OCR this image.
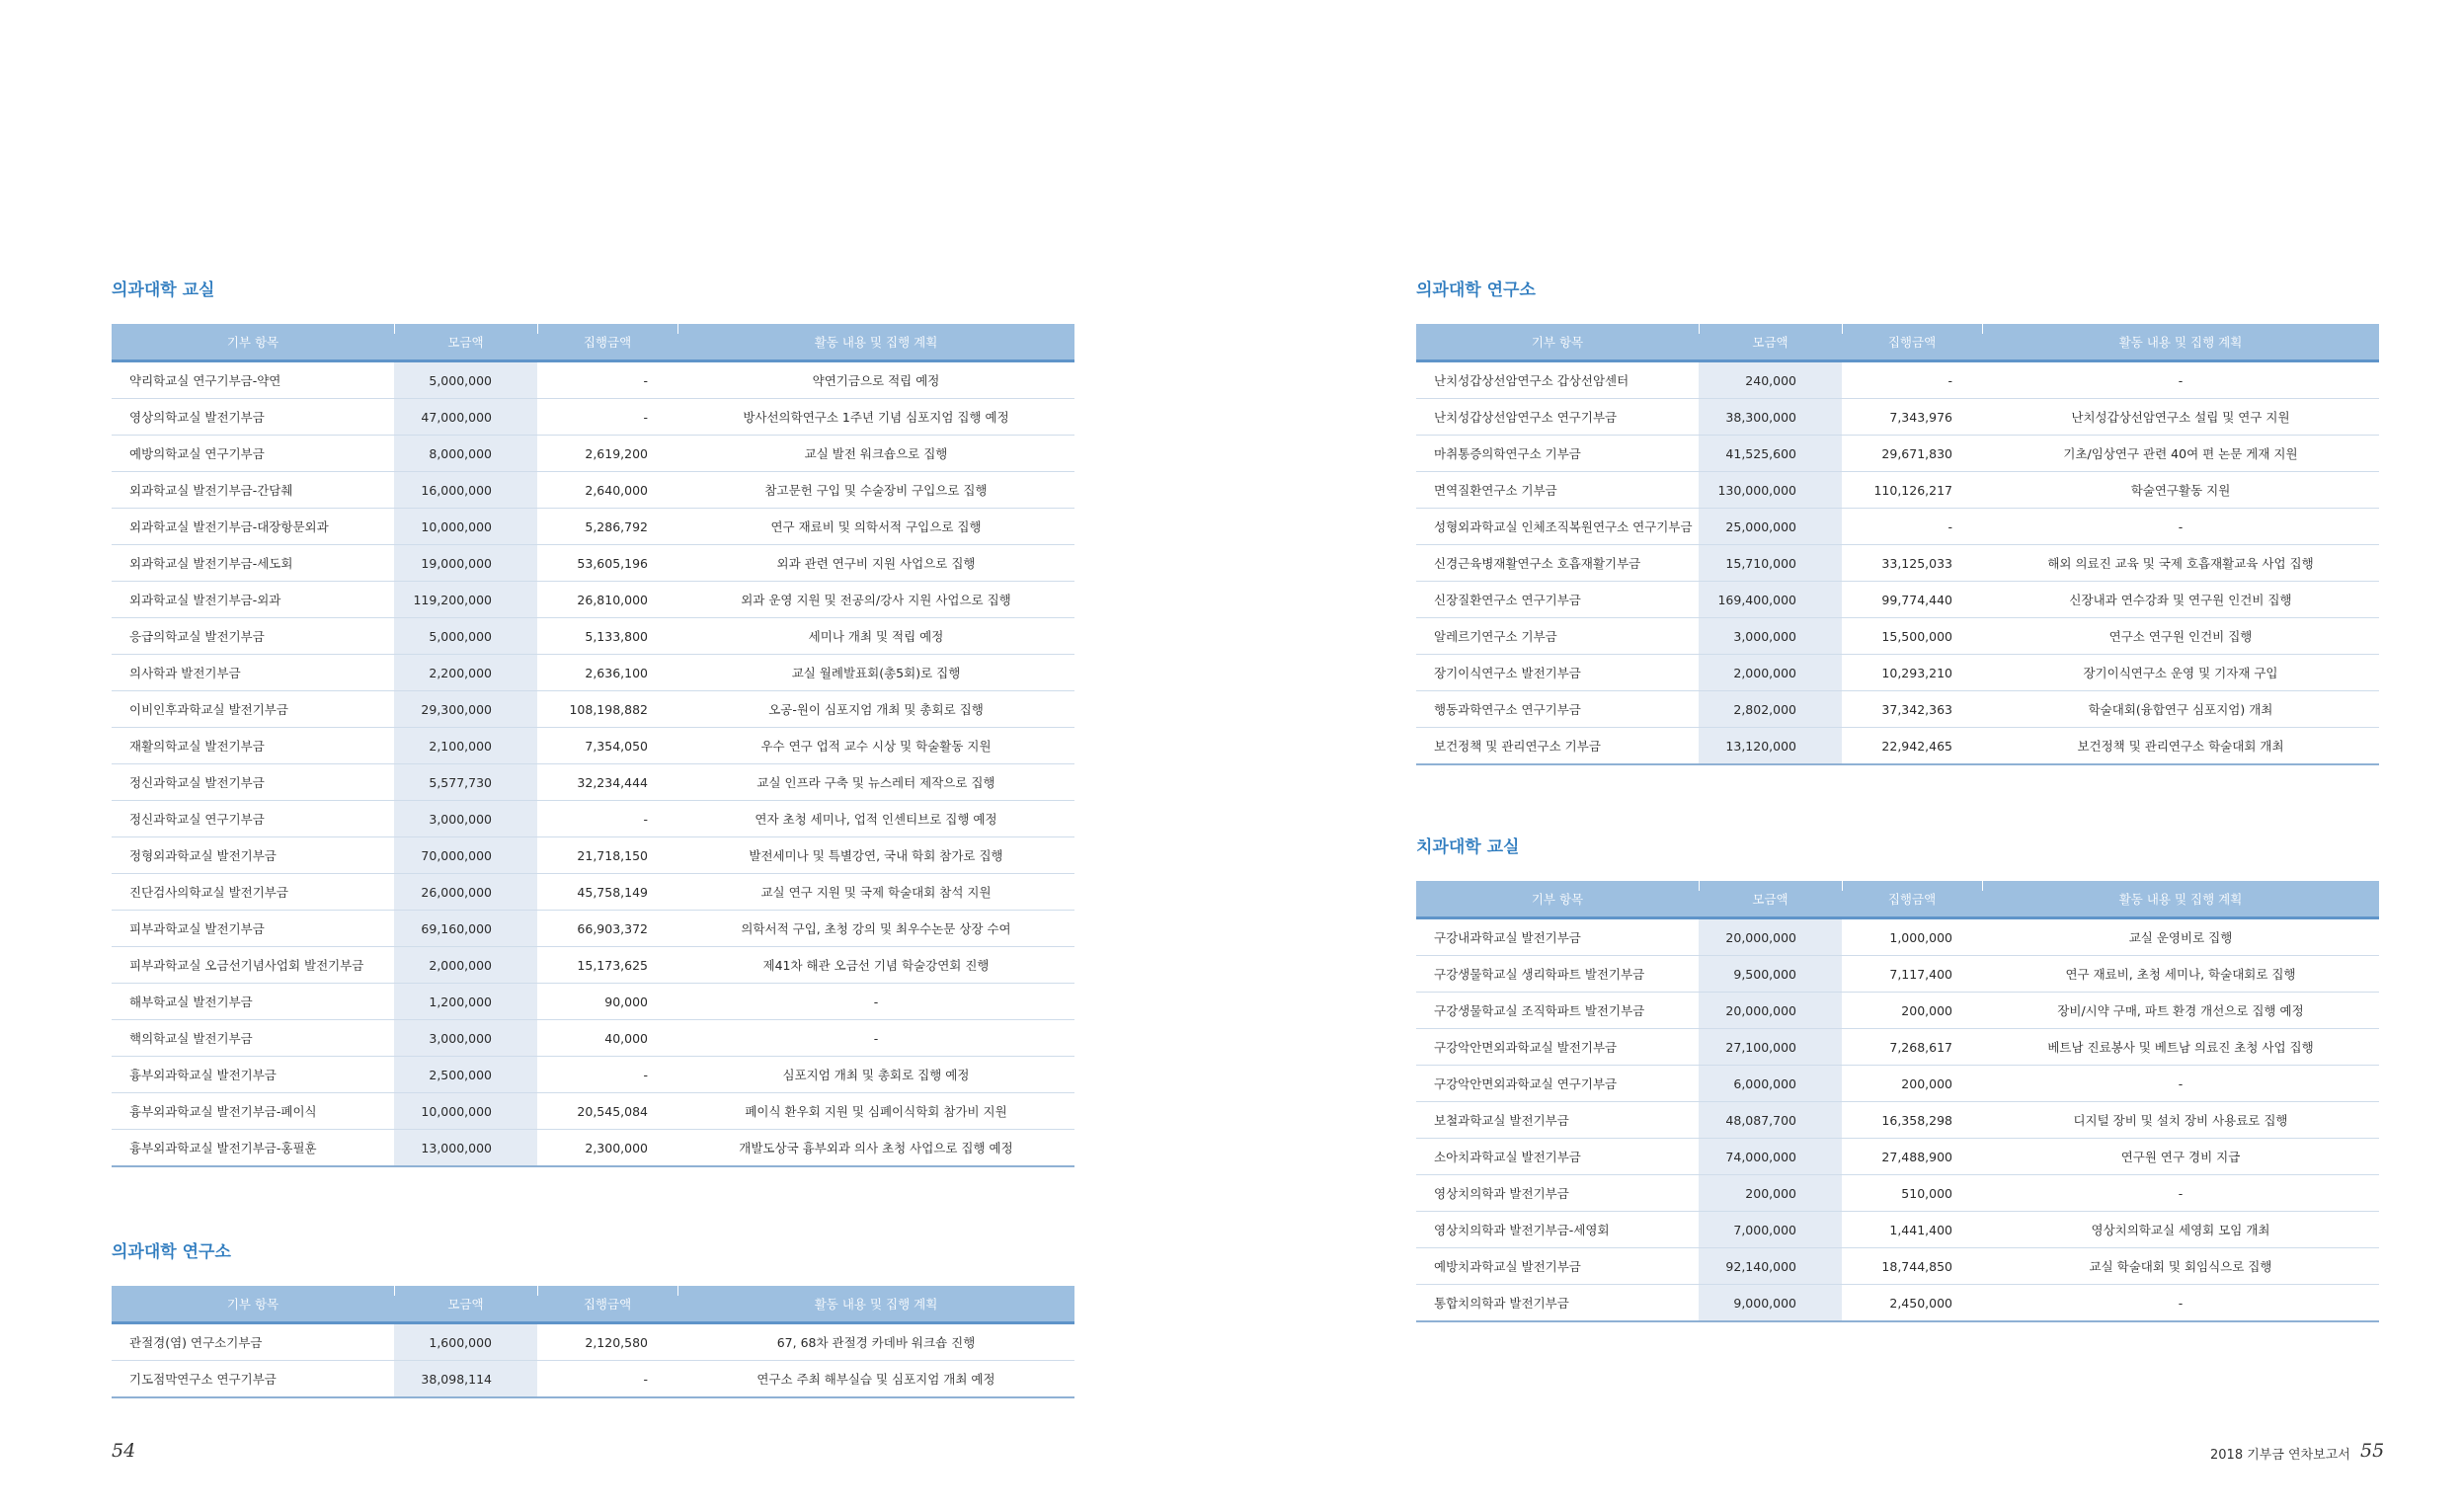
의과대학 교실
기부 항목	모금액	집행금액	활동 내용 및 집행 계획
약리학교실 연구기부금-약연	5,000,000	-	약연기금으로 적립 예정
영상의학교실 발전기부금	47,000,000	-	방사선의학연구소 1주년 기념 심포지엄 집행 예정
예방의학교실 연구기부금	8,000,000	2,619,200	교실 발전 워크숍으로 집행
외과학교실 발전기부금-간담췌	16,000,000	2,640,000	참고문헌 구입 및 수술장비 구입으로 집행
외과학교실 발전기부금-대장항문외과	10,000,000	5,286,792	연구 재료비 및 의학서적 구입으로 집행
외과학교실 발전기부금-세도회	19,000,000	53,605,196	외과 관련 연구비 지원 사업으로 집행
외과학교실 발전기부금-외과	119,200,000	26,810,000	외과 운영 지원 및 전공의/강사 지원 사업으로 집행
응급의학교실 발전기부금	5,000,000	5,133,800	세미나 개최 및 적립 예정
의사학과 발전기부금	2,200,000	2,636,100	교실 월례발표회(총5회)로 집행
이비인후과학교실 발전기부금	29,300,000	108,198,882	오공-원이 심포지엄 개최 및 총회로 집행
재활의학교실 발전기부금	2,100,000	7,354,050	우수 연구 업적 교수 시상 및 학술활동 지원
정신과학교실 발전기부금	5,577,730	32,234,444	교실 인프라 구축 및 뉴스레터 제작으로 집행
정신과학교실 연구기부금	3,000,000	-	연자 초청 세미나, 업적 인센티브로 집행 예정
정형외과학교실 발전기부금	70,000,000	21,718,150	발전세미나 및 특별강연, 국내 학회 참가로 집행
진단검사의학교실 발전기부금	26,000,000	45,758,149	교실 연구 지원 및 국제 학술대회 참석 지원
피부과학교실 발전기부금	69,160,000	66,903,372	의학서적 구입, 초청 강의 및 최우수논문 상장 수여
피부과학교실 오금선기념사업회 발전기부금	2,000,000	15,173,625	제41차 해관 오금선 기념 학술강연회 진행
해부학교실 발전기부금	1,200,000	90,000	-
핵의학교실 발전기부금	3,000,000	40,000	-
흉부외과학교실 발전기부금	2,500,000	-	심포지엄 개최 및 총회로 집행 예정
흉부외과학교실 발전기부금-폐이식	10,000,000	20,545,084	폐이식 환우회 지원 및 심폐이식학회 참가비 지원
흉부외과학교실 발전기부금-홍필훈	13,000,000	2,300,000	개발도상국 흉부외과 의사 초청 사업으로 집행 예정
의과대학 연구소
기부 항목	모금액	집행금액	활동 내용 및 집행 계획
관절경(염) 연구소기부금	1,600,000	2,120,580	67, 68차 관절경 카데바 워크숍 진행
기도점막연구소 연구기부금	38,098,114	-	연구소 주최 해부실습 및 심포지엄 개최 예정
의과대학 연구소
기부 항목	모금액	집행금액	활동 내용 및 집행 계획
난치성갑상선암연구소 갑상선암센터	240,000	-	-
난치성갑상선암연구소 연구기부금	38,300,000	7,343,976	난치성갑상선암연구소 설립 및 연구 지원
마취통증의학연구소 기부금	41,525,600	29,671,830	기초/임상연구 관련 40여 편 논문 게재 지원
면역질환연구소 기부금	130,000,000	110,126,217	학술연구활동 지원
성형외과학교실 인체조직복원연구소 연구기부금	25,000,000	-	-
신경근육병재활연구소 호흡재활기부금	15,710,000	33,125,033	해외 의료진 교육 및 국제 호흡재활교육 사업 집행
신장질환연구소 연구기부금	169,400,000	99,774,440	신장내과 연수강좌 및 연구원 인건비 집행
알레르기연구소 기부금	3,000,000	15,500,000	연구소 연구원 인건비 집행
장기이식연구소 발전기부금	2,000,000	10,293,210	장기이식연구소 운영 및 기자재 구입
행동과학연구소 연구기부금	2,802,000	37,342,363	학술대회(융합연구 심포지엄) 개최
보건정책 및 관리연구소 기부금	13,120,000	22,942,465	보건정책 및 관리연구소 학술대회 개최
치과대학 교실
기부 항목	모금액	집행금액	활동 내용 및 집행 계획
구강내과학교실 발전기부금	20,000,000	1,000,000	교실 운영비로 집행
구강생물학교실 생리학파트 발전기부금	9,500,000	7,117,400	연구 재료비, 초청 세미나, 학술대회로 집행
구강생물학교실 조직학파트 발전기부금	20,000,000	200,000	장비/시약 구매, 파트 환경 개선으로 집행 예정
구강악안면외과학교실 발전기부금	27,100,000	7,268,617	베트남 진료봉사 및 베트남 의료진 초청 사업 집행
구강악안면외과학교실 연구기부금	6,000,000	200,000	-
보철과학교실 발전기부금	48,087,700	16,358,298	디지털 장비 및 설치 장비 사용료로 집행
소아치과학교실 발전기부금	74,000,000	27,488,900	연구원 연구 경비 지급
영상치의학과 발전기부금	200,000	510,000	-
영상치의학과 발전기부금-세영회	7,000,000	1,441,400	영상치의학교실 세영회 모임 개최
예방치과학교실 발전기부금	92,140,000	18,744,850	교실 학술대회 및 회임식으로 집행
통합치의학과 발전기부금	9,000,000	2,450,000	-
54	2018 기부금 연차보고서 55
